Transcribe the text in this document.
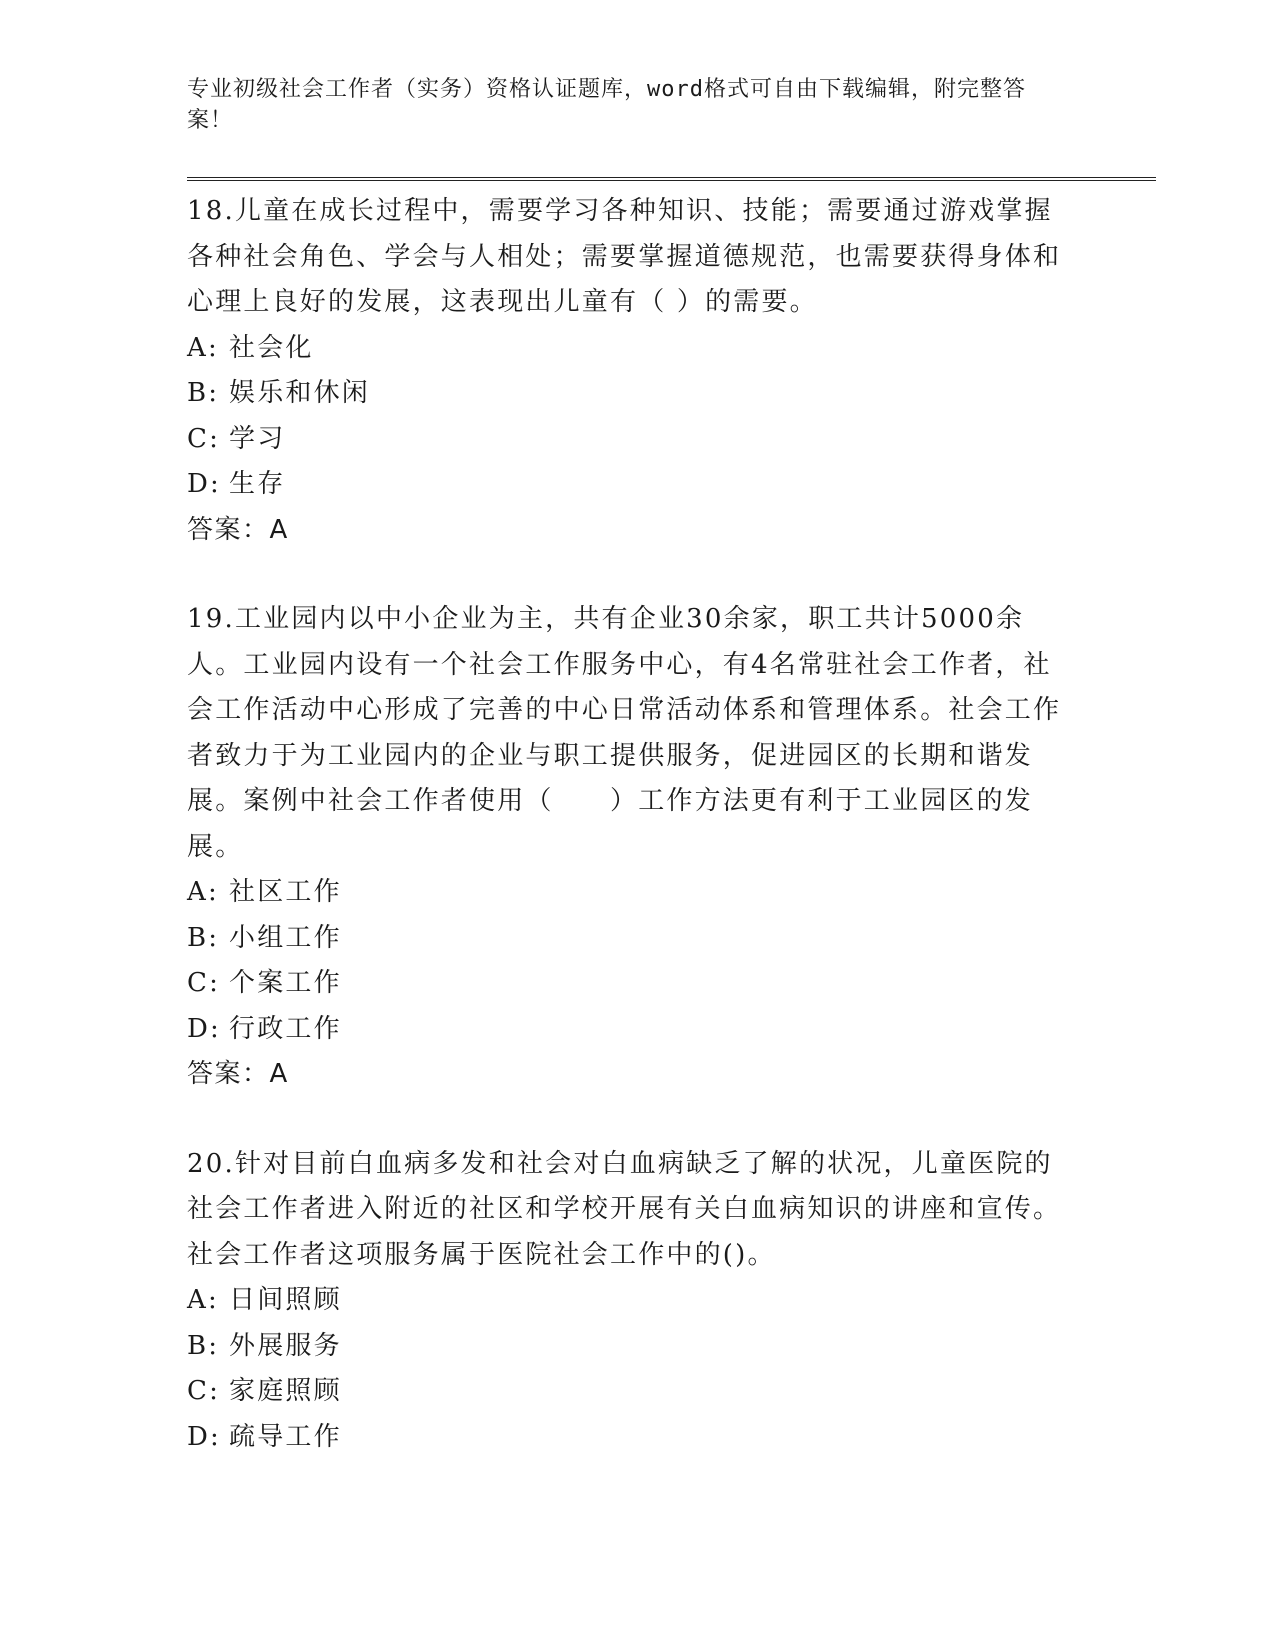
专业初级社会工作者（实务）资格认证题库，word格式可自由下载编辑，附完整答案！

18.儿童在成长过程中，需要学习各种知识、技能；需要通过游戏掌握各种社会角色、学会与人相处；需要掌握道德规范，也需要获得身体和心理上良好的发展，这表现出儿童有（ ）的需要。

A: 社会化

B: 娱乐和休闲

C: 学习

D: 生存

答案：A

19.工业园内以中小企业为主，共有企业30余家，职工共计5000余人。工业园内设有一个社会工作服务中心，有4名常驻社会工作者，社会工作活动中心形成了完善的中心日常活动体系和管理体系。社会工作者致力于为工业园内的企业与职工提供服务，促进园区的长期和谐发展。案例中社会工作者使用（　　）工作方法更有利于工业园区的发展。

A: 社区工作

B: 小组工作

C: 个案工作

D: 行政工作

答案：A

20.针对目前白血病多发和社会对白血病缺乏了解的状况，儿童医院的社会工作者进入附近的社区和学校开展有关白血病知识的讲座和宣传。社会工作者这项服务属于医院社会工作中的()。

A: 日间照顾

B: 外展服务

C: 家庭照顾

D: 疏导工作
